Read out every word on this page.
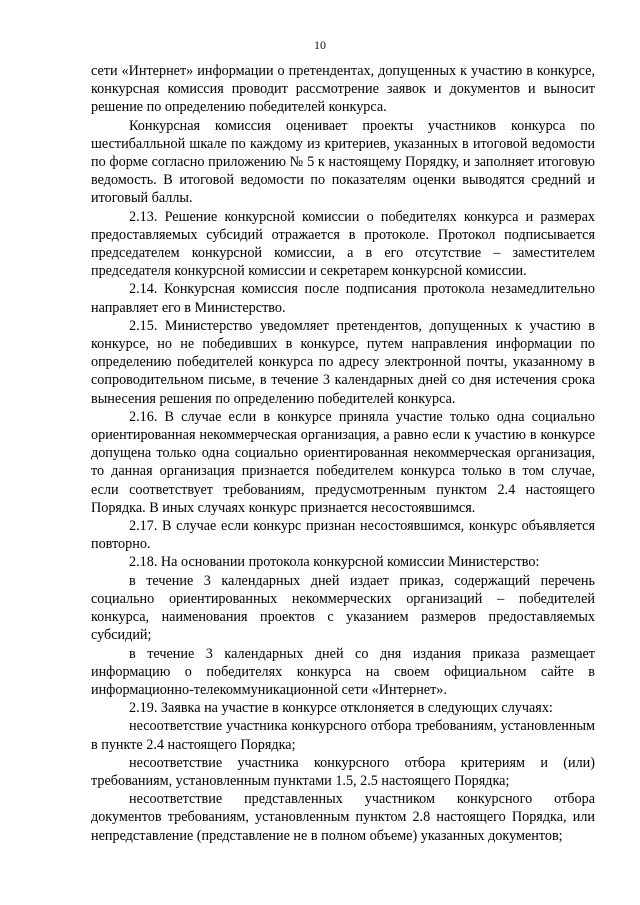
10

сети «Интернет» информации о претендентах, допущенных к участию в конкурсе, конкурсная комиссия проводит рассмотрение заявок и документов и выносит решение по определению победителей конкурса.

Конкурсная комиссия оценивает проекты участников конкурса по шестибалльной шкале по каждому из критериев, указанных в итоговой ведомости по форме согласно приложению № 5 к настоящему Порядку, и заполняет итоговую ведомость. В итоговой ведомости по показателям оценки выводятся средний и итоговый баллы.

2.13. Решение конкурсной комиссии о победителях конкурса и размерах предоставляемых субсидий отражается в протоколе. Протокол подписывается председателем конкурсной комиссии, а в его отсутствие – заместителем председателя конкурсной комиссии и секретарем конкурсной комиссии.

2.14. Конкурсная комиссия после подписания протокола незамедлительно направляет его в Министерство.

2.15. Министерство уведомляет претендентов, допущенных к участию в конкурсе, но не победивших в конкурсе, путем направления информации по определению победителей конкурса по адресу электронной почты, указанному в сопроводительном письме, в течение 3 календарных дней со дня истечения срока вынесения решения по определению победителей конкурса.

2.16. В случае если в конкурсе приняла участие только одна социально ориентированная некоммерческая организация, а равно если к участию в конкурсе допущена только одна социально ориентированная некоммерческая организация, то данная организация признается победителем конкурса только в том случае, если соответствует требованиям, предусмотренным пунктом 2.4 настоящего Порядка. В иных случаях конкурс признается несостоявшимся.

2.17. В случае если конкурс признан несостоявшимся, конкурс объявляется повторно.

2.18. На основании протокола конкурсной комиссии Министерство:

в течение 3 календарных дней издает приказ, содержащий перечень социально ориентированных некоммерческих организаций – победителей конкурса, наименования проектов с указанием размеров предоставляемых субсидий;

в течение 3 календарных дней со дня издания приказа размещает информацию о победителях конкурса на своем официальном сайте в информационно-телекоммуникационной сети «Интернет».

2.19. Заявка на участие в конкурсе отклоняется в следующих случаях:

несоответствие участника конкурсного отбора требованиям, установленным в пункте 2.4 настоящего Порядка;

несоответствие участника конкурсного отбора критериям и (или) требованиям, установленным пунктами 1.5, 2.5 настоящего Порядка;

несоответствие представленных участником конкурсного отбора документов требованиям, установленным пунктом 2.8 настоящего Порядка, или непредставление (представление не в полном объеме) указанных документов;
